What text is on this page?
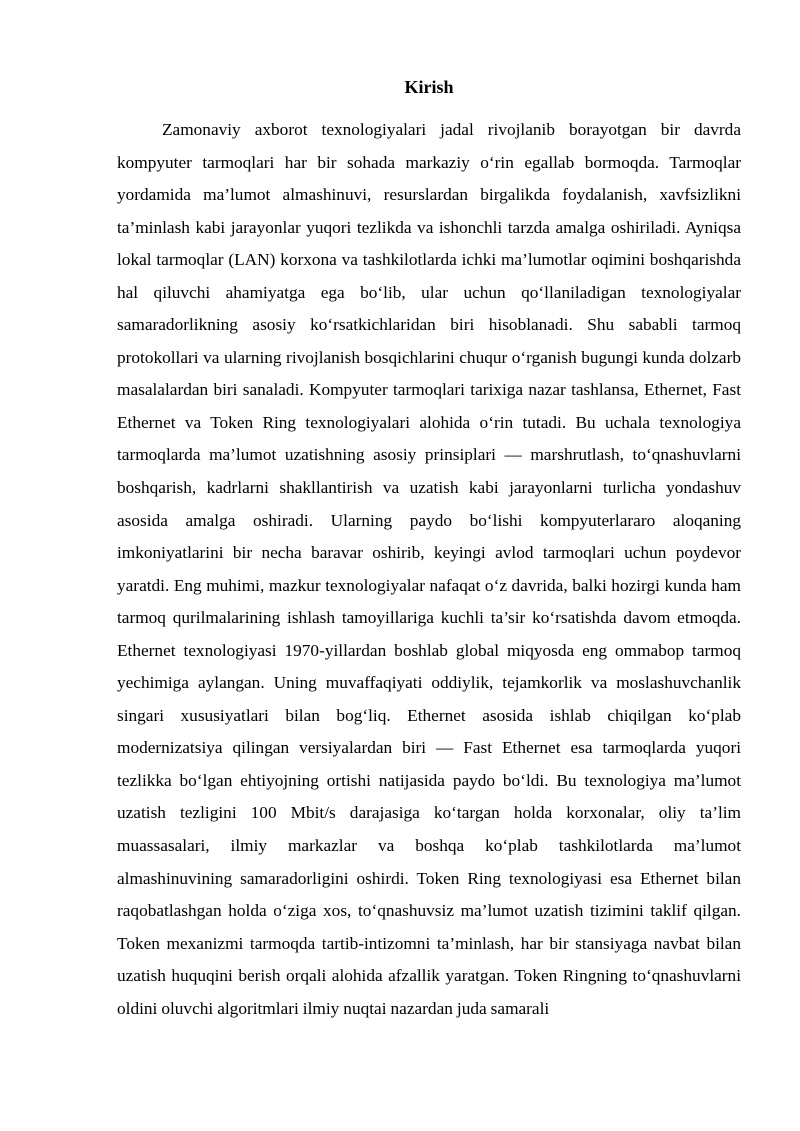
Kirish

Zamonaviy axborot texnologiyalari jadal rivojlanib borayotgan bir davrda kompyuter tarmoqlari har bir sohada markaziy o‘rin egallab bormoqda. Tarmoqlar yordamida ma’lumot almashinuvi, resurslardan birgalikda foydalanish, xavfsizlikni ta’minlash kabi jarayonlar yuqori tezlikda va ishonchli tarzda amalga oshiriladi. Ayniqsa lokal tarmoqlar (LAN) korxona va tashkilotlarda ichki ma’lumotlar oqimini boshqarishda hal qiluvchi ahamiyatga ega bo‘lib, ular uchun qo‘llaniladigan texnologiyalar samaradorlikning asosiy ko‘rsatkichlaridan biri hisoblanadi. Shu sababli tarmoq protokollari va ularning rivojlanish bosqichlarini chuqur o‘rganish bugungi kunda dolzarb masalalardan biri sanaladi. Kompyuter tarmoqlari tarixiga nazar tashlansa, Ethernet, Fast Ethernet va Token Ring texnologiyalari alohida o‘rin tutadi. Bu uchala texnologiya tarmoqlarda ma’lumot uzatishning asosiy prinsiplari — marshrutlash, to‘qnashuvlarni boshqarish, kadrlarni shakllantirish va uzatish kabi jarayonlarni turlicha yondashuv asosida amalga oshiradi. Ularning paydo bo‘lishi kompyuterlararo aloqaning imkoniyatlarini bir necha baravar oshirib, keyingi avlod tarmoqlari uchun poydevor yaratdi. Eng muhimi, mazkur texnologiyalar nafaqat o‘z davrida, balki hozirgi kunda ham tarmoq qurilmalarining ishlash tamoyillariga kuchli ta’sir ko‘rsatishda davom etmoqda. Ethernet texnologiyasi 1970-yillardan boshlab global miqyosda eng ommabop tarmoq yechimiga aylangan. Uning muvaffaqiyati oddiylik, tejamkorlik va moslashuvchanlik singari xususiyatlari bilan bog‘liq. Ethernet asosida ishlab chiqilgan ko‘plab modernizatsiya qilingan versiyalardan biri — Fast Ethernet esa tarmoqlarda yuqori tezlikka bo‘lgan ehtiyojning ortishi natijasida paydo bo‘ldi. Bu texnologiya ma’lumot uzatish tezligini 100 Mbit/s darajasiga ko‘targan holda korxonalar, oliy ta’lim muassasalari, ilmiy markazlar va boshqa ko‘plab tashkilotlarda ma’lumot almashinuvining samaradorligini oshirdi. Token Ring texnologiyasi esa Ethernet bilan raqobatlashgan holda o‘ziga xos, to‘qnashuvsiz ma’lumot uzatish tizimini taklif qilgan. Token mexanizmi tarmoqda tartib-intizomni ta’minlash, har bir stansiyaga navbat bilan uzatish huquqini berish orqali alohida afzallik yaratgan. Token Ringning to‘qnashuvlarni oldini oluvchi algoritmlari ilmiy nuqtai nazardan juda samarali
